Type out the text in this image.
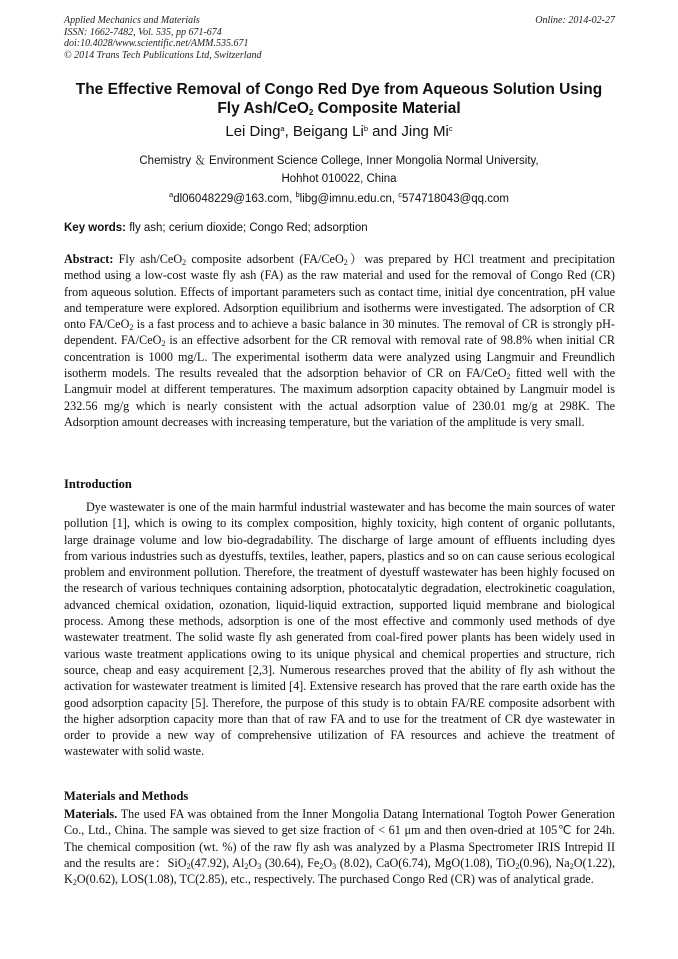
Applied Mechanics and Materials
ISSN: 1662-7482, Vol. 535, pp 671-674
doi:10.4028/www.scientific.net/AMM.535.671
© 2014 Trans Tech Publications Ltd, Switzerland
Online: 2014-02-27
The Effective Removal of Congo Red Dye from Aqueous Solution Using
Fly Ash/CeO$_2$ Composite Material
Lei Ding$^a$, Beigang Li$^b$ and Jing Mi$^c$
Chemistry ＆ Environment Science College, Inner Mongolia Normal University,
Hohhot 010022, China
$^a$dl06048229@163.com, $^b$libg@imnu.edu.cn, $^c$574718043@qq.com
Key words: fly ash; cerium dioxide; Congo Red; adsorption

Abstract: Fly ash/CeO$_2$ composite adsorbent (FA/CeO$_2$）was prepared by HCl treatment and precipitation method using a low-cost waste fly ash (FA) as the raw material and used for the removal of Congo Red (CR) from aqueous solution. Effects of important parameters such as contact time, initial dye concentration, pH value and temperature were explored. Adsorption equilibrium and isotherms were investigated. The adsorption of CR onto FA/CeO$_2$ is a fast process and to achieve a basic balance in 30 minutes. The removal of CR is strongly pH-dependent. FA/CeO$_2$ is an effective adsorbent for the CR removal with removal rate of 98.8% when initial CR concentration is 1000 mg/L. The experimental isotherm data were analyzed using Langmuir and Freundlich isotherm models. The results revealed that the adsorption behavior of CR on FA/CeO$_2$ fitted well with the Langmuir model at different temperatures. The maximum adsorption capacity obtained by Langmuir model is 232.56 mg/g which is nearly consistent with the actual adsorption value of 230.01 mg/g at 298K. The Adsorption amount decreases with increasing temperature, but the variation of the amplitude is very small.

Introduction

Dye wastewater is one of the main harmful industrial wastewater and has become the main sources of water pollution [1], which is owing to its complex composition, highly toxicity, high content of organic pollutants, large drainage volume and low bio-degradability. The discharge of large amount of effluents including dyes from various industries such as dyestuffs, textiles, leather, papers, plastics and so on can cause serious ecological problem and environment pollution. Therefore, the treatment of dyestuff wastewater has been highly focused on the research of various techniques containing adsorption, photocatalytic degradation, electrokinetic coagulation, advanced chemical oxidation, ozonation, liquid-liquid extraction, supported liquid membrane and biological process. Among these methods, adsorption is one of the most effective and commonly used methods of dye wastewater treatment. The solid waste fly ash generated from coal-fired power plants has been widely used in various waste treatment applications owing to its unique physical and chemical properties and structure, rich source, cheap and easy acquirement [2,3]. Numerous researches proved that the ability of fly ash without the activation for wastewater treatment is limited [4]. Extensive research has proved that the rare earth oxide has the good adsorption capacity [5]. Therefore, the purpose of this study is to obtain FA/RE composite adsorbent with the higher adsorption capacity more than that of raw FA and to use for the treatment of CR dye wastewater in order to provide a new way of comprehensive utilization of FA resources and achieve the treatment of wastewater with solid waste.

Materials and Methods

Materials. The used FA was obtained from the Inner Mongolia Datang International Togtoh Power Generation Co., Ltd., China. The sample was sieved to get size fraction of < 61 μm and then oven-dried at 105℃ for 24h. The chemical composition (wt. %) of the raw fly ash was analyzed by a Plasma Spectrometer IRIS Intrepid II and the results are：SiO$_2$(47.92), $Al_2O_3$ (30.64), $Fe_2O_3$ (8.02), CaO(6.74), MgO(1.08), TiO$_2$(0.96), $Na_2O(1.22)$, $K_2O(0.62)$, LOS(1.08), TC(2.85), etc., respectively. The purchased Congo Red (CR) was of analytical grade.
